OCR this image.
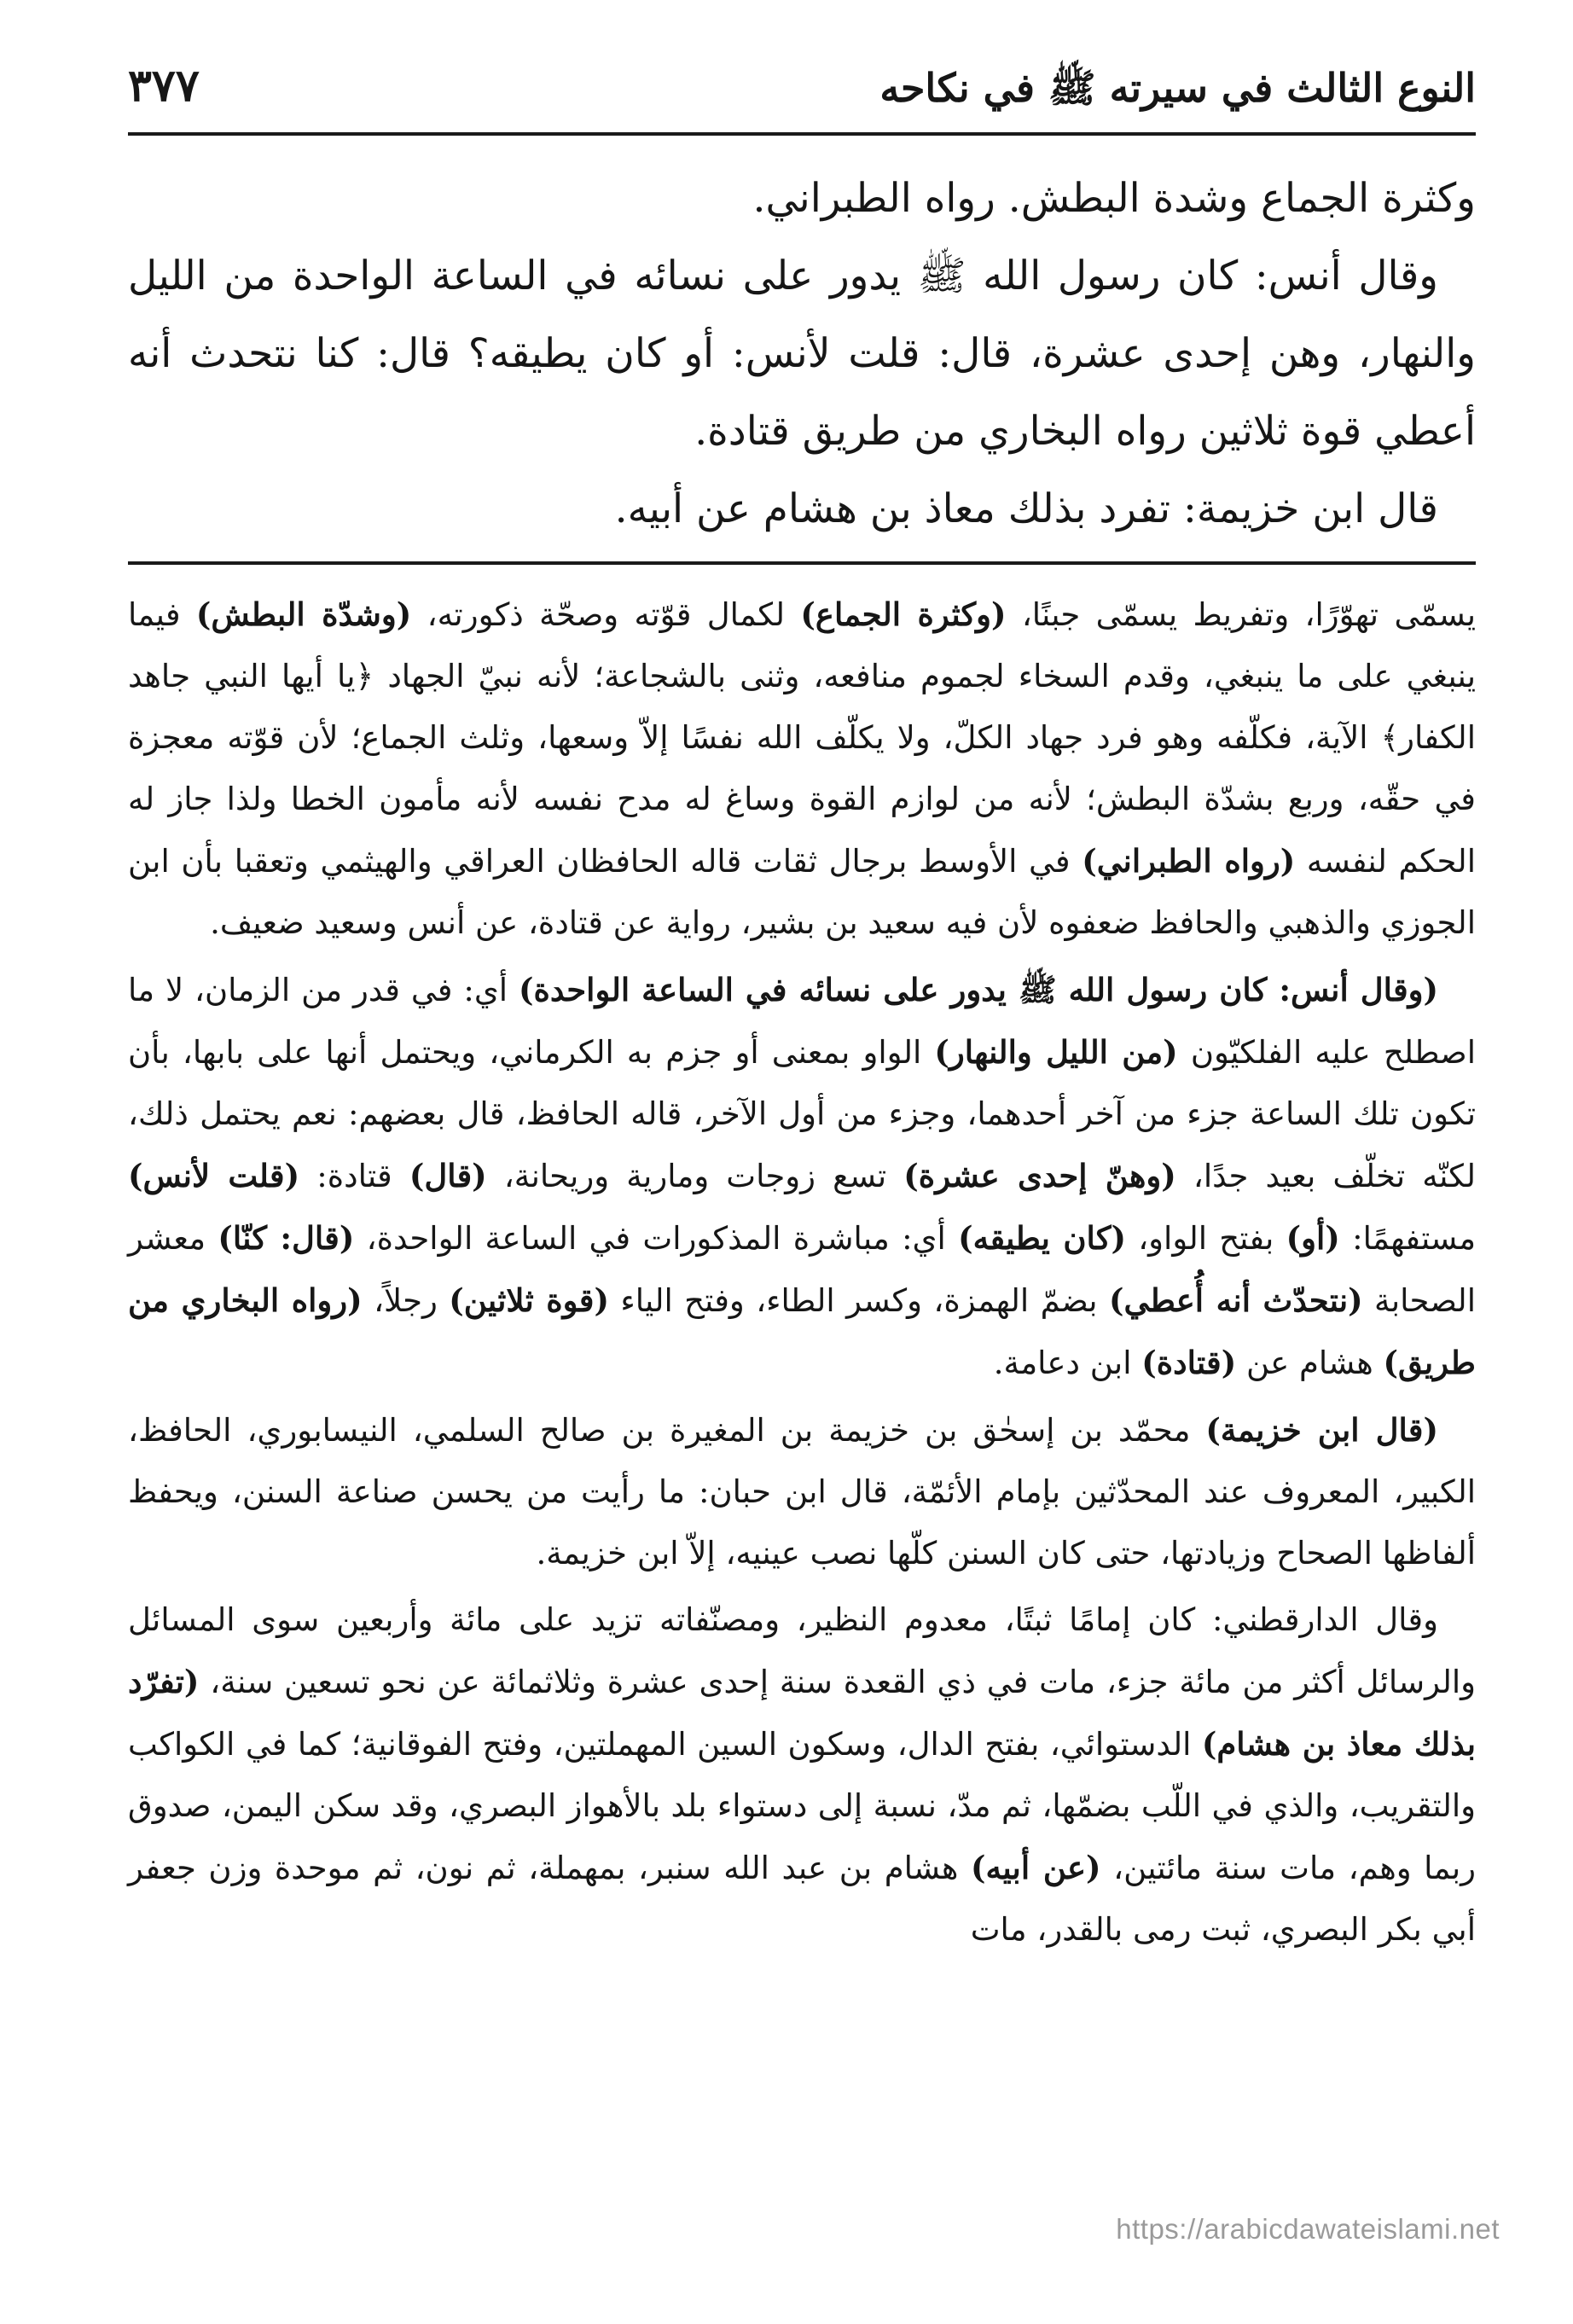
النوع الثالث في سيرته ﷺ في نكاحه
٣٧٧

وكثرة الجماع وشدة البطش. رواه الطبراني.

وقال أنس: كان رسول الله ﷺ يدور على نسائه في الساعة الواحدة من الليل والنهار، وهن إحدى عشرة، قال: قلت لأنس: أو كان يطيقه؟ قال: كنا نتحدث أنه أعطي قوة ثلاثين رواه البخاري من طريق قتادة.

قال ابن خزيمة: تفرد بذلك معاذ بن هشام عن أبيه.

يسمّى تهوّرًا، وتفريط يسمّى جبنًا، (وكثرة الجماع) لكمال قوّته وصحّة ذكورته، (وشدّة البطش) فيما ينبغي على ما ينبغي، وقدم السخاء لجموم منافعه، وثنى بالشجاعة؛ لأنه نبيّ الجهاد ﴿يا أيها النبي جاهد الكفار﴾ الآية، فكلّفه وهو فرد جهاد الكلّ، ولا يكلّف الله نفسًا إلاّ وسعها، وثلث الجماع؛ لأن قوّته معجزة في حقّه، وربع بشدّة البطش؛ لأنه من لوازم القوة وساغ له مدح نفسه لأنه مأمون الخطا ولذا جاز له الحكم لنفسه (رواه الطبراني) في الأوسط برجال ثقات قاله الحافظان العراقي والهيثمي وتعقبا بأن ابن الجوزي والذهبي والحافظ ضعفوه لأن فيه سعيد بن بشير، رواية عن قتادة، عن أنس وسعيد ضعيف.

(وقال أنس: كان رسول الله ﷺ يدور على نسائه في الساعة الواحدة) أي: في قدر من الزمان، لا ما اصطلح عليه الفلكيّون (من الليل والنهار) الواو بمعنى أو جزم به الكرماني، ويحتمل أنها على بابها، بأن تكون تلك الساعة جزء من آخر أحدهما، وجزء من أول الآخر، قاله الحافظ، قال بعضهم: نعم يحتمل ذلك، لكنّه تخلّف بعيد جدًا، (وهنّ إحدى عشرة) تسع زوجات ومارية وريحانة، (قال) قتادة: (قلت لأنس) مستفهمًا: (أو) بفتح الواو، (كان يطيقه) أي: مباشرة المذكورات في الساعة الواحدة، (قال: كنّا) معشر الصحابة (نتحدّث أنه أُعطي) بضمّ الهمزة، وكسر الطاء، وفتح الياء (قوة ثلاثين) رجلاً، (رواه البخاري من طريق) هشام عن (قتادة) ابن دعامة.

(قال ابن خزيمة) محمّد بن إسحٰق بن خزيمة بن المغيرة بن صالح السلمي، النيسابوري، الحافظ، الكبير، المعروف عند المحدّثين بإمام الأئمّة، قال ابن حبان: ما رأيت من يحسن صناعة السنن، ويحفظ ألفاظها الصحاح وزيادتها، حتى كان السنن كلّها نصب عينيه، إلاّ ابن خزيمة.

وقال الدارقطني: كان إمامًا ثبتًا، معدوم النظير، ومصنّفاته تزيد على مائة وأربعين سوى المسائل والرسائل أكثر من مائة جزء، مات في ذي القعدة سنة إحدى عشرة وثلاثمائة عن نحو تسعين سنة، (تفرّد بذلك معاذ بن هشام) الدستوائي، بفتح الدال، وسكون السين المهملتين، وفتح الفوقانية؛ كما في الكواكب والتقريب، والذي في اللّب بضمّها، ثم مدّ، نسبة إلى دستواء بلد بالأهواز البصري، وقد سكن اليمن، صدوق ربما وهم، مات سنة مائتين، (عن أبيه) هشام بن عبد الله سنبر، بمهملة، ثم نون، ثم موحدة وزن جعفر أبي بكر البصري، ثبت رمى بالقدر، مات

https://arabicdawateislami.net
